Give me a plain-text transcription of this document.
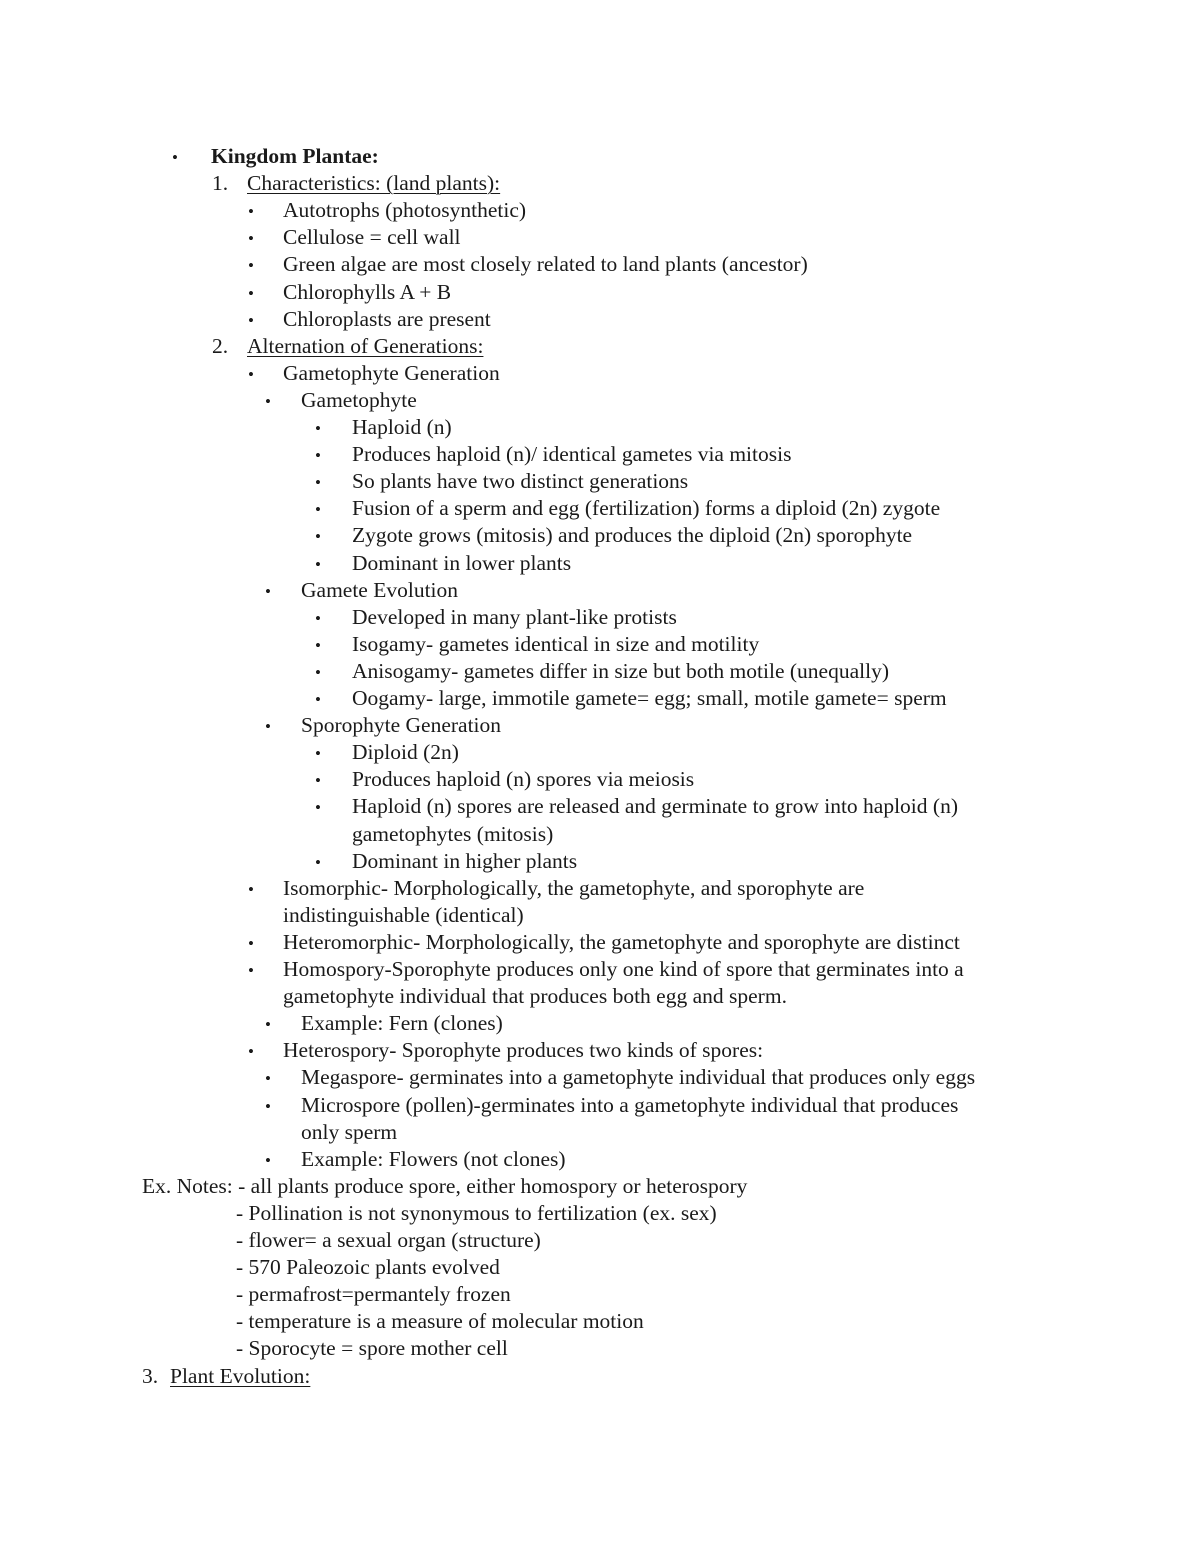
• Kingdom Plantae:
1. Characteristics: (land plants):
• Autotrophs (photosynthetic)
• Cellulose = cell wall
• Green algae are most closely related to land plants (ancestor)
• Chlorophylls A + B
• Chloroplasts are present
2. Alternation of Generations:
• Gametophyte Generation
• Gametophyte
• Haploid (n)
• Produces haploid (n)/ identical gametes via mitosis
• So plants have two distinct generations
• Fusion of a sperm and egg (fertilization) forms a diploid (2n) zygote
• Zygote grows (mitosis) and produces the diploid (2n) sporophyte
• Dominant in lower plants
• Gamete Evolution
• Developed in many plant-like protists
• Isogamy- gametes identical in size and motility
• Anisogamy- gametes differ in size but both motile (unequally)
• Oogamy- large, immotile gamete= egg; small, motile gamete= sperm
• Sporophyte Generation
• Diploid (2n)
• Produces haploid (n) spores via meiosis
• Haploid (n) spores are released and germinate to grow into haploid (n)
gametophytes (mitosis)
• Dominant in higher plants
• Isomorphic- Morphologically, the gametophyte, and sporophyte are
indistinguishable (identical)
• Heteromorphic- Morphologically, the gametophyte and sporophyte are distinct
• Homospory-Sporophyte produces only one kind of spore that germinates into a
gametophyte individual that produces both egg and sperm.
• Example: Fern (clones)
• Heterospory- Sporophyte produces two kinds of spores:
• Megaspore- germinates into a gametophyte individual that produces only eggs
• Microspore (pollen)-germinates into a gametophyte individual that produces
only sperm
• Example: Flowers (not clones)
Ex. Notes: - all plants produce spore, either homospory or heterospory
- Pollination is not synonymous to fertilization (ex. sex)
- flower= a sexual organ (structure)
- 570 Paleozoic plants evolved
- permafrost=permantely frozen
- temperature is a measure of molecular motion
- Sporocyte = spore mother cell
3. Plant Evolution:
